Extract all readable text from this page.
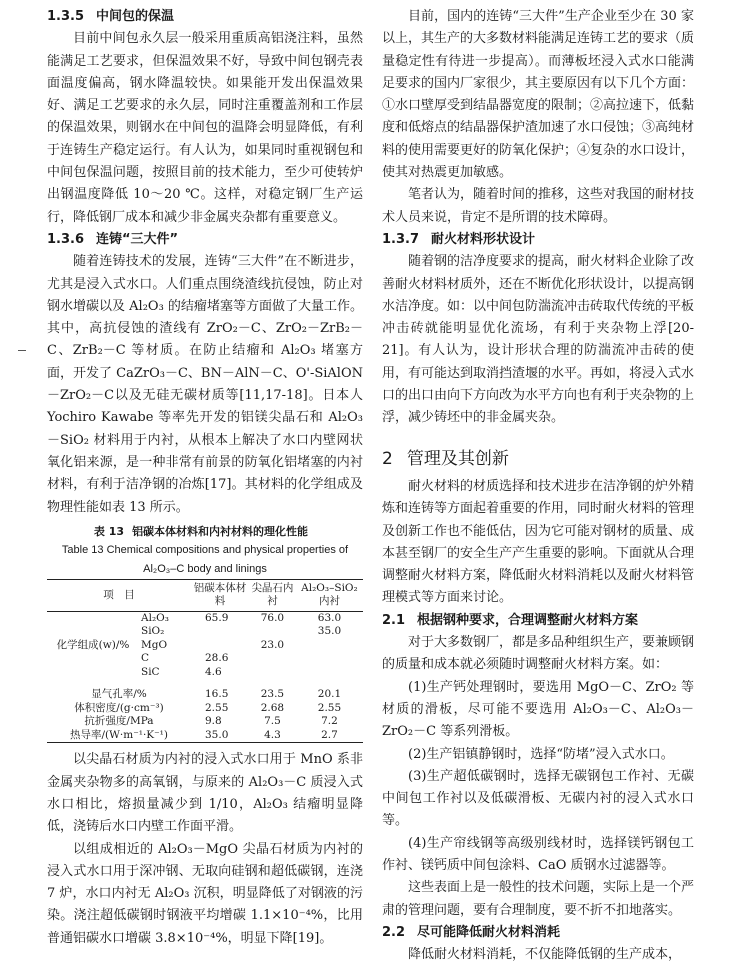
1.3.5 中间包的保温

目前中间包永久层一般采用重质高铝浇注料，虽然能满足工艺要求，但保温效果不好，导致中间包钢壳表面温度偏高，钢水降温较快。如果能开发出保温效果好、满足工艺要求的永久层，同时注重覆盖剂和工作层的保温效果，则钢水在中间包的温降会明显降低，有利于连铸生产稳定运行。有人认为，如果同时重视钢包和中间包保温问题，按照目前的技术能力，至少可使转炉出钢温度降低 10～20 ℃。这样，对稳定钢厂生产运行，降低钢厂成本和减少非金属夹杂都有重要意义。

1.3.6 连铸“三大件”

随着连铸技术的发展，连铸“三大件”在不断进步，尤其是浸入式水口。人们重点围绕渣线抗侵蚀，防止对钢水增碳以及 Al₂O₃ 的结瘤堵塞等方面做了大量工作。其中，高抗侵蚀的渣线有 ZrO₂－C、ZrO₂－ZrB₂－C、ZrB₂－C 等材质。在防止结瘤和 Al₂O₃ 堵塞方面，开发了 CaZrO₃－C、BN－AlN－C、O'-SiAlON－ZrO₂－C以及无硅无碳材质等[11,17-18]。日本人 Yochiro Kawabe 等率先开发的铝镁尖晶石和 Al₂O₃－SiO₂ 材料用于内衬，从根本上解决了水口内壁网状氧化铝来源，是一种非常有前景的防氧化铝堵塞的内衬材料，有利于洁净钢的冶炼[17]。其材料的化学组成及物理性能如表 13 所示。

表 13 铝碳本体材料和内衬材料的理化性能
Table 13 Chemical compositions and physical properties of
Al₂O₃–C body and linings
项　目		铝碳本体材料	尖晶石内衬	Al₂O₃–SiO₂内衬
化学组成(w)/%	Al₂O₃	65.9	76.0	63.0
	SiO₂			35.0
	MgO		23.0	
	C	28.6		
	SiC	4.6		

显气孔率/%		16.5	23.5	20.1
体积密度/(g·cm⁻³)		2.55	2.68	2.55
抗折强度/MPa		9.8	7.5	7.2
热导率/(W·m⁻¹·K⁻¹)		35.0	4.3	2.7

以尖晶石材质为内衬的浸入式水口用于 MnO 系非金属夹杂物多的高氧钢，与原来的 Al₂O₃－C 质浸入式水口相比，熔损量减少到 1/10，Al₂O₃ 结瘤明显降低，浇铸后水口内壁工作面平滑。

以组成相近的 Al₂O₃－MgO 尖晶石材质为内衬的浸入式水口用于深冲钢、无取向硅钢和超低碳钢，连浇 7 炉，水口内衬无 Al₂O₃ 沉积，明显降低了对钢液的污染。浇注超低碳钢时钢液平均增碳 1.1×10⁻⁴%，比用普通铝碳水口增碳 3.8×10⁻⁴%，明显下降[19]。

目前，国内的连铸“三大件”生产企业至少在 30 家以上，其生产的大多数材料能满足连铸工艺的要求（质量稳定性有待进一步提高）。而薄板坯浸入式水口能满足要求的国内厂家很少，其主要原因有以下几个方面：①水口壁厚受到结晶器宽度的限制；②高拉速下，低黏度和低熔点的结晶器保护渣加速了水口侵蚀；③高纯材料的使用需要更好的防氧化保护；④复杂的水口设计，使其对热震更加敏感。

笔者认为，随着时间的推移，这些对我国的耐材技术人员来说，肯定不是所谓的技术障碍。

1.3.7 耐火材料形状设计

随着钢的洁净度要求的提高，耐火材料企业除了改善耐火材料材质外，还在不断优化形状设计，以提高钢水洁净度。如：以中间包防湍流冲击砖取代传统的平板冲击砖就能明显优化流场，有利于夹杂物上浮[20-21]。有人认为，设计形状合理的防湍流冲击砖的使用，有可能达到取消挡渣堰的水平。再如，将浸入式水口的出口由向下方向改为水平方向也有利于夹杂物的上浮，减少铸坯中的非金属夹杂。

2 管理及其创新

耐火材料的材质选择和技术进步在洁净钢的炉外精炼和连铸等方面起着重要的作用，同时耐火材料的管理及创新工作也不能低估，因为它可能对钢材的质量、成本甚至钢厂的安全生产产生重要的影响。下面就从合理调整耐火材料方案，降低耐火材料消耗以及耐火材料管理模式等方面来讨论。

2.1 根据钢种要求，合理调整耐火材料方案

对于大多数钢厂，都是多品种组织生产，要兼顾钢的质量和成本就必须随时调整耐火材料方案。如：

(1)生产钙处理钢时，要选用 MgO－C、ZrO₂ 等材质的滑板，尽可能不要选用 Al₂O₃－C、Al₂O₃－ZrO₂－C 等系列滑板。

(2)生产铝镇静钢时，选择“防堵”浸入式水口。

(3)生产超低碳钢时，选择无碳钢包工作衬、无碳中间包工作衬以及低碳滑板、无碳内衬的浸入式水口等。

(4)生产帘线钢等高级别线材时，选择镁钙钢包工作衬、镁钙质中间包涂料、CaO 质钢水过滤器等。

这些表面上是一般性的技术问题，实际上是一个严肃的管理问题，要有合理制度，要不折不扣地落实。

2.2 尽可能降低耐火材料消耗

降低耐火材料消耗，不仅能降低钢的生产成本，
